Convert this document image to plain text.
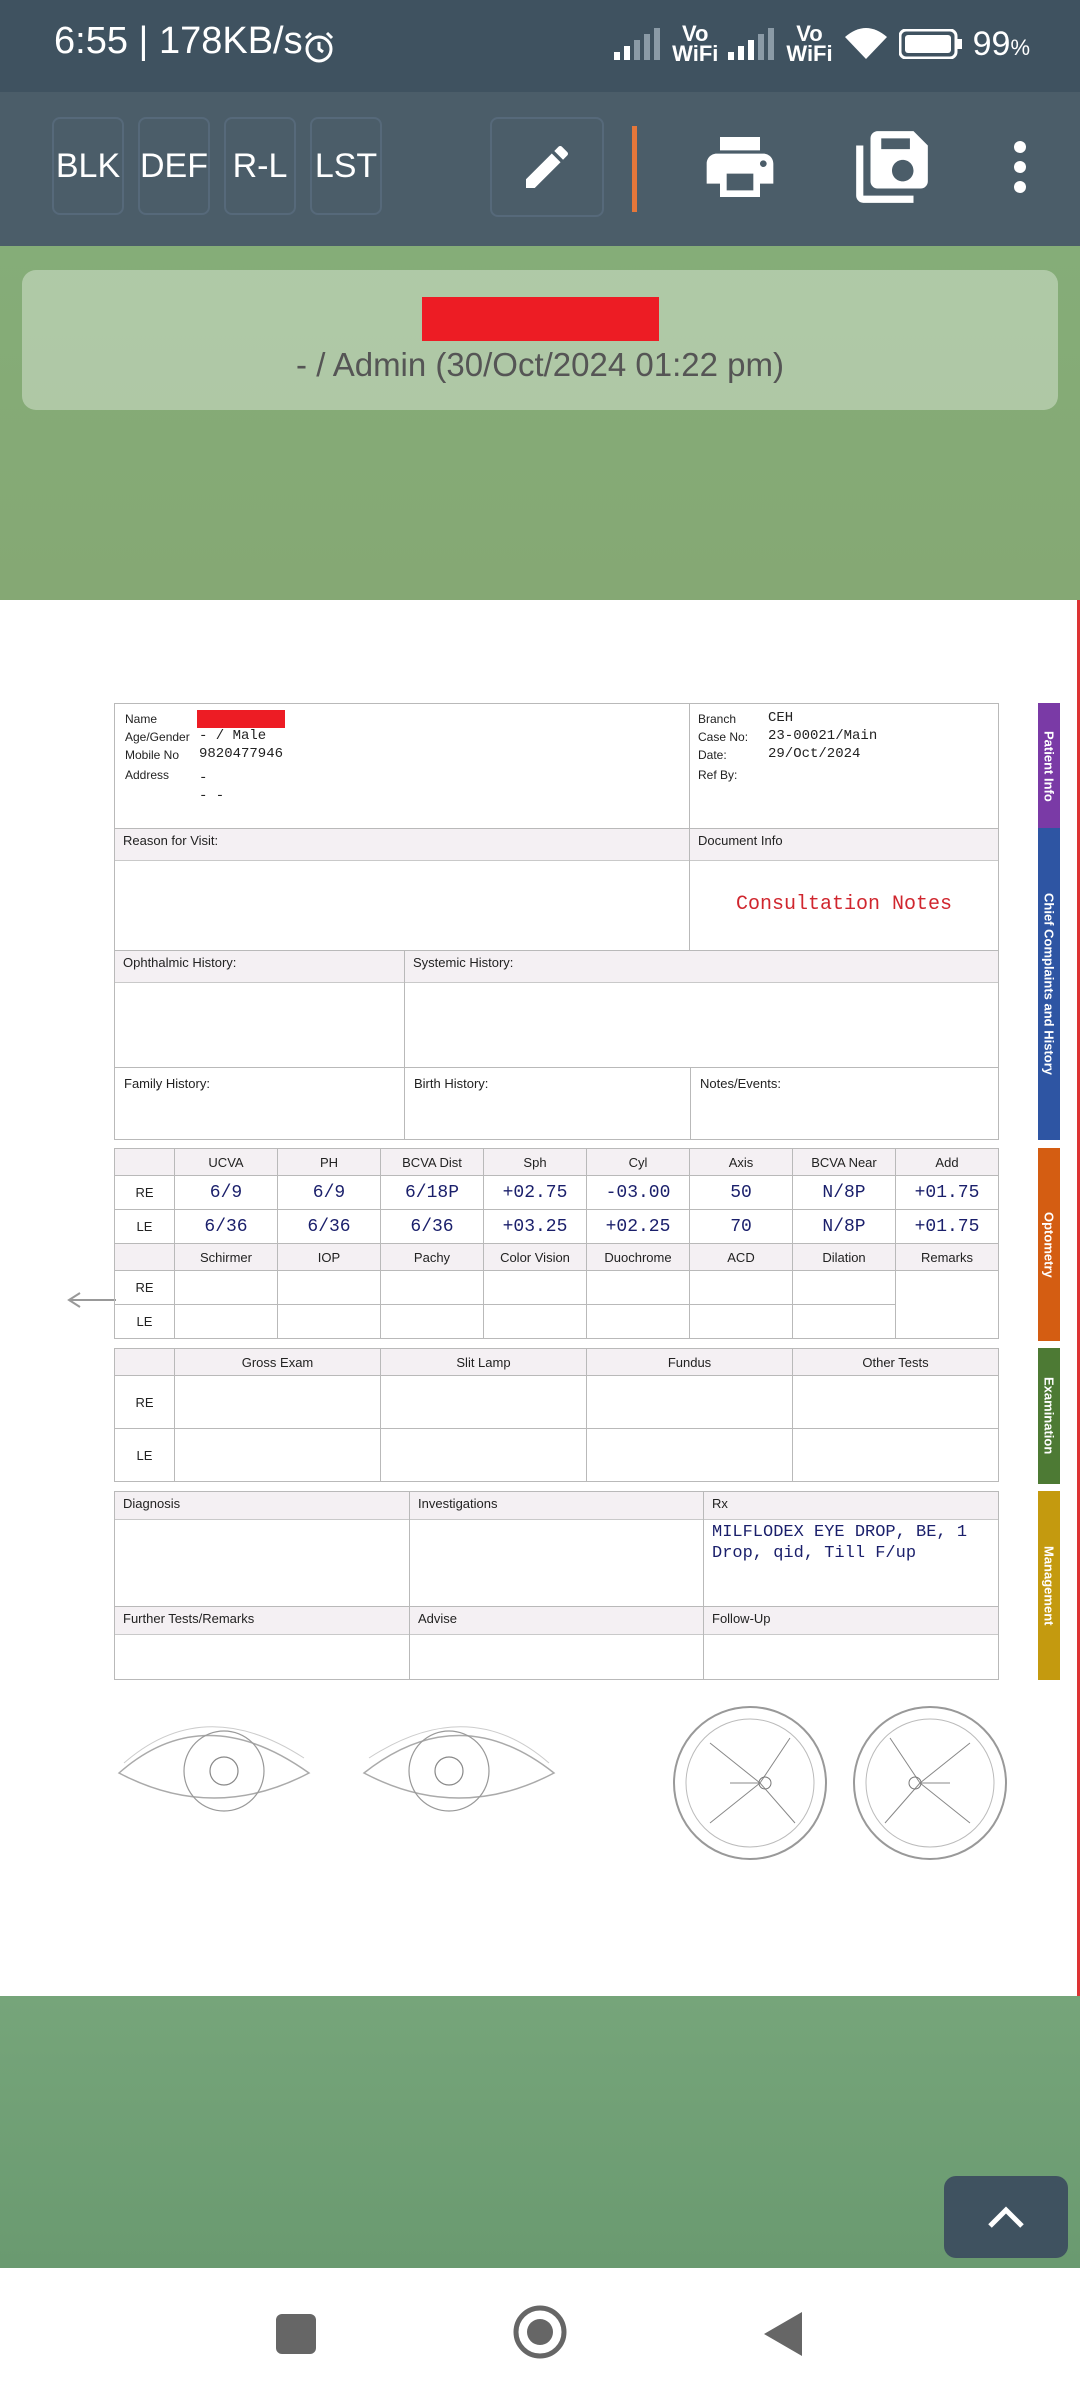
6:55 | 178KB/s	Vo
WiFi
Vo
WiFi	99%
BLK DEF R-L LST
- / Admin (30/Oct/2024 01:22 pm)
Name
Age/Gender - / Male
Mobile No 9820477946
Address -
- -
Branch CEH
Case No: 23-00021/Main
Date:	29/Oct/2024
Ref By:	Patient Info
Reason for Visit:	Document Info
Consultation Notes
Ophthalmic History:	Systemic History:
Family History:	Birth History:	Notes/Events:
Chief Complaints and History
	UCVA	PH	BCVA Dist	Sph	Cyl	Axis	BCVA Near	Add
RE	6/9	6/9	6/18P	+02.75	-03.00	50	N/8P	+01.75
LE	6/36	6/36	6/36	+03.25	+02.25	70	N/8P	+01.75
	Schirmer	IOP	Pachy	Color Vision	Duochrome	ACD	Dilation	Remarks
RE								
LE								
Optometry
	Gross Exam	Slit Lamp	Fundus	Other Tests
RE				
LE				
Examination
Diagnosis	Investigations	Rx
MILFLODEX EYE DROP, BE, 1 Drop, qid, Till F/up
Further Tests/Remarks	Advise	Follow-Up	Management
